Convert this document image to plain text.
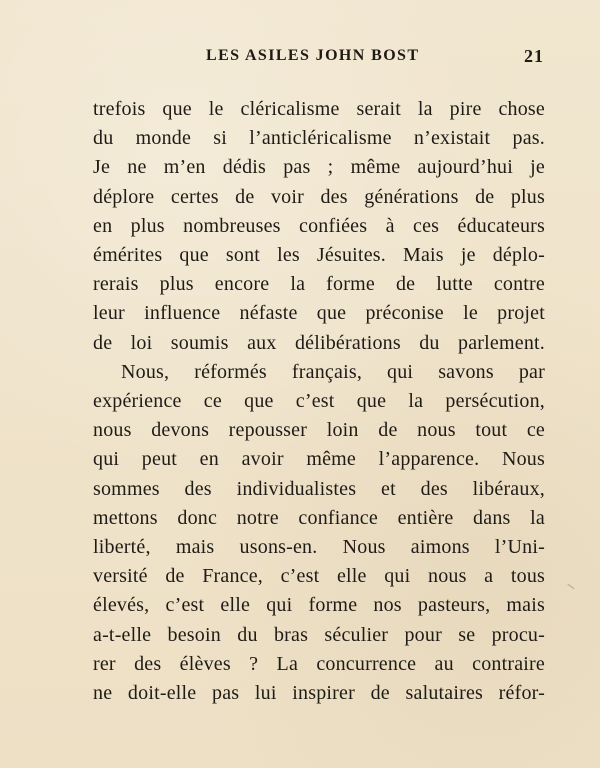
LES ASILES JOHN BOST	21

trefois que le cléricalisme serait la pire chose
du monde si l’anticléricalisme n’existait pas.
Je ne m’en dédis pas ; même aujourd’hui je
déplore certes de voir des générations de plus
en plus nombreuses confiées à ces éducateurs
émérites que sont les Jésuites. Mais je déplo-
rerais plus encore la forme de lutte contre
leur influence néfaste que préconise le projet
de loi soumis aux délibérations du parlement.

Nous, réformés français, qui savons par
expérience ce que c’est que la persécution,
nous devons repousser loin de nous tout ce
qui peut en avoir même l’apparence. Nous
sommes des individualistes et des libéraux,
mettons donc notre confiance entière dans la
liberté, mais usons-en. Nous aimons l’Uni-
versité de France, c’est elle qui nous a tous
élevés, c’est elle qui forme nos pasteurs, mais
a-t-elle besoin du bras séculier pour se procu-
rer des élèves ? La concurrence au contraire
ne doit-elle pas lui inspirer de salutaires réfor-
